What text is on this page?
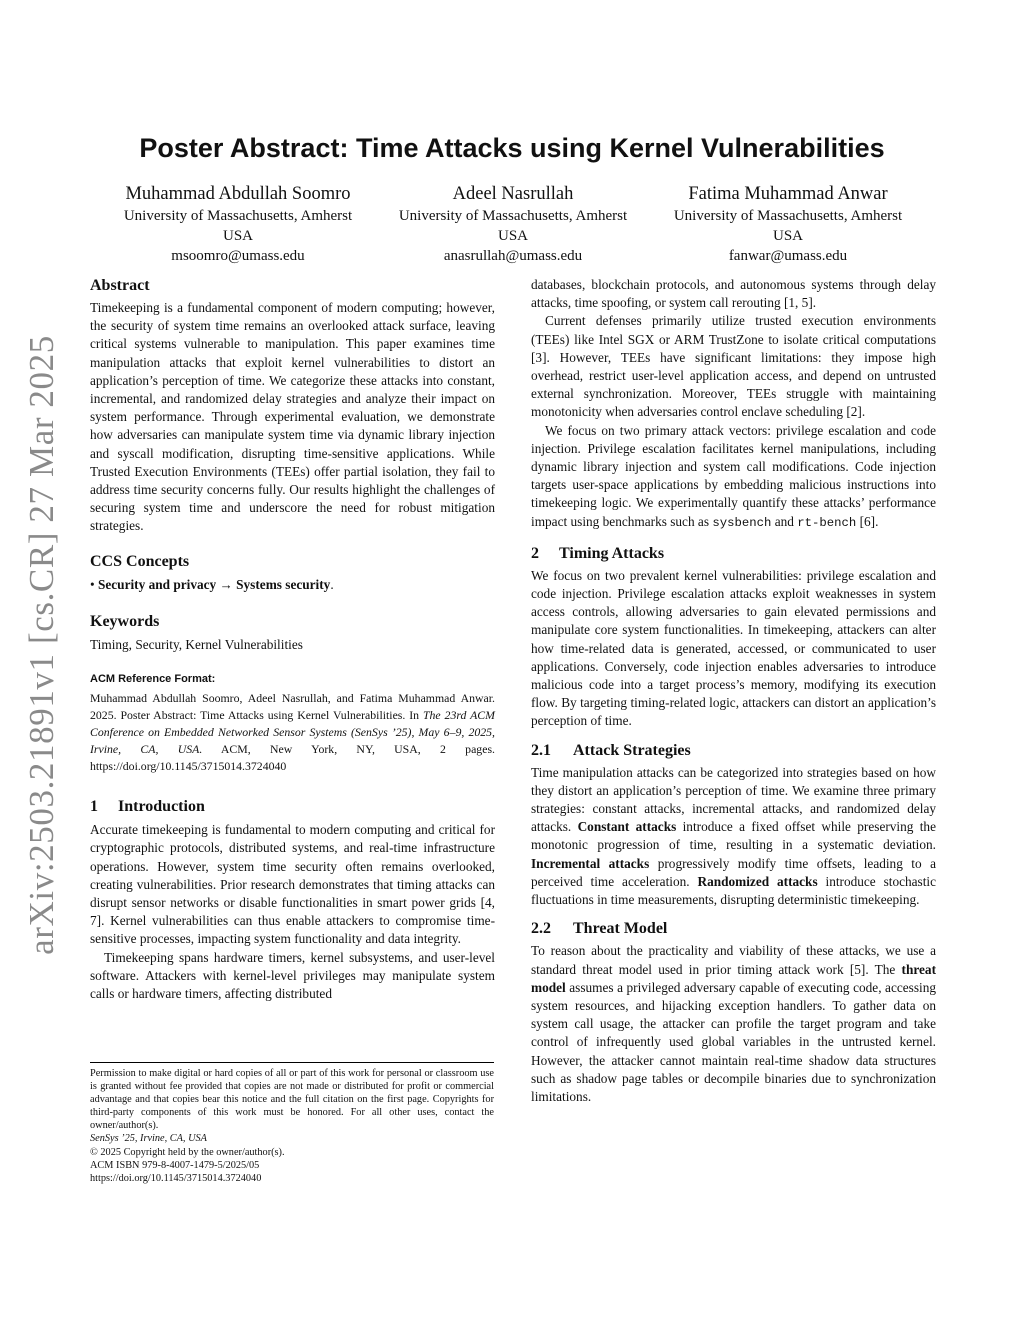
arXiv:2503.21891v1 [cs.CR] 27 Mar 2025
Poster Abstract: Time Attacks using Kernel Vulnerabilities
Muhammad Abdullah Soomro
University of Massachusetts, Amherst
USA
msoomro@umass.edu
Adeel Nasrullah
University of Massachusetts, Amherst
USA
anasrullah@umass.edu
Fatima Muhammad Anwar
University of Massachusetts, Amherst
USA
fanwar@umass.edu
Abstract

Timekeeping is a fundamental component of modern computing; however, the security of system time remains an overlooked attack surface, leaving critical systems vulnerable to manipulation. This paper examines time manipulation attacks that exploit kernel vulnerabilities to distort an application’s perception of time. We categorize these attacks into constant, incremental, and randomized delay strategies and analyze their impact on system performance. Through experimental evaluation, we demonstrate how adversaries can manipulate system time via dynamic library injection and syscall modification, disrupting time-sensitive applications. While Trusted Execution Environments (TEEs) offer partial isolation, they fail to address time security concerns fully. Our results highlight the challenges of securing system time and underscore the need for robust mitigation strategies.

CCS Concepts

• Security and privacy → Systems security.

Keywords

Timing, Security, Kernel Vulnerabilities

ACM Reference Format:

Muhammad Abdullah Soomro, Adeel Nasrullah, and Fatima Muhammad Anwar. 2025. Poster Abstract: Time Attacks using Kernel Vulnerabilities. In The 23rd ACM Conference on Embedded Networked Sensor Systems (SenSys ’25), May 6–9, 2025, Irvine, CA, USA. ACM, New York, NY, USA, 2 pages. https://doi.org/10.1145/3715014.3724040

1 Introduction

Accurate timekeeping is fundamental to modern computing and critical for cryptographic protocols, distributed systems, and real-time infrastructure operations. However, system time security often remains overlooked, creating vulnerabilities. Prior research demonstrates that timing attacks can disrupt sensor networks or disable functionalities in smart power grids [4, 7]. Kernel vulnerabilities can thus enable attackers to compromise time-sensitive processes, impacting system functionality and data integrity.

Timekeeping spans hardware timers, kernel subsystems, and user-level software. Attackers with kernel-level privileges may manipulate system calls or hardware timers, affecting distributed

Permission to make digital or hard copies of all or part of this work for personal or classroom use is granted without fee provided that copies are not made or distributed for profit or commercial advantage and that copies bear this notice and the full citation on the first page. Copyrights for third-party components of this work must be honored. For all other uses, contact the owner/author(s).

SenSys ’25, Irvine, CA, USA

© 2025 Copyright held by the owner/author(s).

ACM ISBN 979-8-4007-1479-5/2025/05

https://doi.org/10.1145/3715014.3724040

databases, blockchain protocols, and autonomous systems through delay attacks, time spoofing, or system call rerouting [1, 5].

Current defenses primarily utilize trusted execution environments (TEEs) like Intel SGX or ARM TrustZone to isolate critical computations [3]. However, TEEs have significant limitations: they impose high overhead, restrict user-level application access, and depend on untrusted external synchronization. Moreover, TEEs struggle with maintaining monotonicity when adversaries control enclave scheduling [2].

We focus on two primary attack vectors: privilege escalation and code injection. Privilege escalation facilitates kernel manipulations, including dynamic library injection and system call modifications. Code injection targets user-space applications by embedding malicious instructions into timekeeping logic. We experimentally quantify these attacks’ performance impact using benchmarks such as sysbench and rt-bench [6].

2 Timing Attacks

We focus on two prevalent kernel vulnerabilities: privilege escalation and code injection. Privilege escalation attacks exploit weaknesses in system access controls, allowing adversaries to gain elevated permissions and manipulate core system functionalities. In timekeeping, attackers can alter how time-related data is generated, accessed, or communicated to user applications. Conversely, code injection enables adversaries to introduce malicious code into a target process’s memory, modifying its execution flow. By targeting timing-related logic, attackers can distort an application’s perception of time.

2.1 Attack Strategies

Time manipulation attacks can be categorized into strategies based on how they distort an application’s perception of time. We examine three primary strategies: constant attacks, incremental attacks, and randomized delay attacks. Constant attacks introduce a fixed offset while preserving the monotonic progression of time, resulting in a systematic deviation. Incremental attacks progressively modify time offsets, leading to a perceived time acceleration. Randomized attacks introduce stochastic fluctuations in time measurements, disrupting deterministic timekeeping.

2.2 Threat Model

To reason about the practicality and viability of these attacks, we use a standard threat model used in prior timing attack work [5]. The threat model assumes a privileged adversary capable of executing code, accessing system resources, and hijacking exception handlers. To gather data on system call usage, the attacker can profile the target program and take control of infrequently used global variables in the untrusted kernel. However, the attacker cannot maintain real-time shadow data structures such as shadow page tables or decompile binaries due to synchronization limitations.
